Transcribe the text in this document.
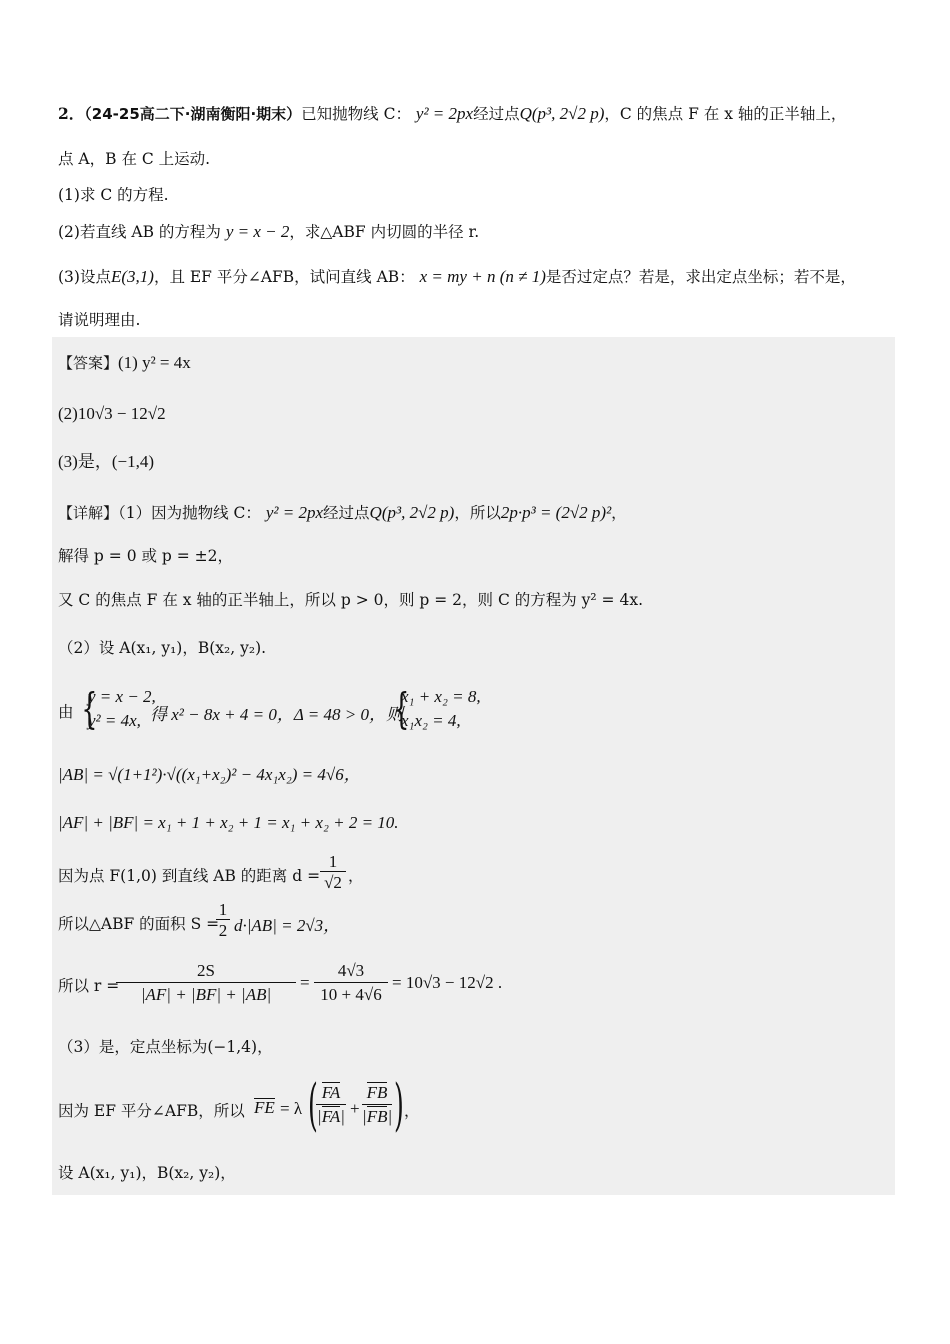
2．（24-25高二下·湖南衡阳·期末）已知抛物线 C： y² = 2px经过点Q(p³, 2√2 p)，C 的焦点 F 在 x 轴的正半轴上，
点 A，B 在 C 上运动.
(1)求 C 的方程.
(2)若直线 AB 的方程为 y = x − 2，求△ABF 内切圆的半径 r.
(3)设点E(3,1)，且 EF 平分∠AFB，试问直线 AB： x = my + n (n ≠ 1)是否过定点？若是，求出定点坐标；若不是，
请说明理由.
【答案】(1) y² = 4x
(2)10√3 − 12√2
(3)是，(−1,4)
【详解】（1）因为抛物线 C： y² = 2px经过点Q(p³, 2√2 p)，所以2p·p³ = (2√2 p)²，
解得 p = 0 或 p = ±2，
又 C 的焦点 F 在 x 轴的正半轴上，所以 p > 0，则 p = 2，则 C 的方程为 y² = 4x.
（2）设 A(x₁, y₁)，B(x₂, y₂).
由 {
y = x − 2,
y² = 4x, 得 x² − 8x + 4 = 0，Δ = 48 > 0，则
{
x₁ + x₂ = 8,
x₁x₂ = 4,
|AB| = √(1+1²)·√((x₁+x₂)² − 4x₁x₂) = 4√6，
|AF| + |BF| = x₁ + 1 + x₂ + 1 = x₁ + x₂ + 2 = 10.
因为点 F(1,0) 到直线 AB 的距离 $d = \frac{1}{√2}$ ，
所以△ABF 的面积 S =
$\frac{1}{2} d\cdot|AB| = 2√3$，
所以 r =
$\frac{2S}{|AF| + |BF| + |AB|} = \frac{4√3}{10 + 4√6} = 10√3 - 12√2$ .
（3）是，定点坐标为(−1,4)，
因为 EF 平分∠AFB，所以 FE = λ (
$\frac{FA}{|FA|} + \frac{FB}{|FB|}$ ) ，
设 A(x₁, y₁)，B(x₂, y₂)，
